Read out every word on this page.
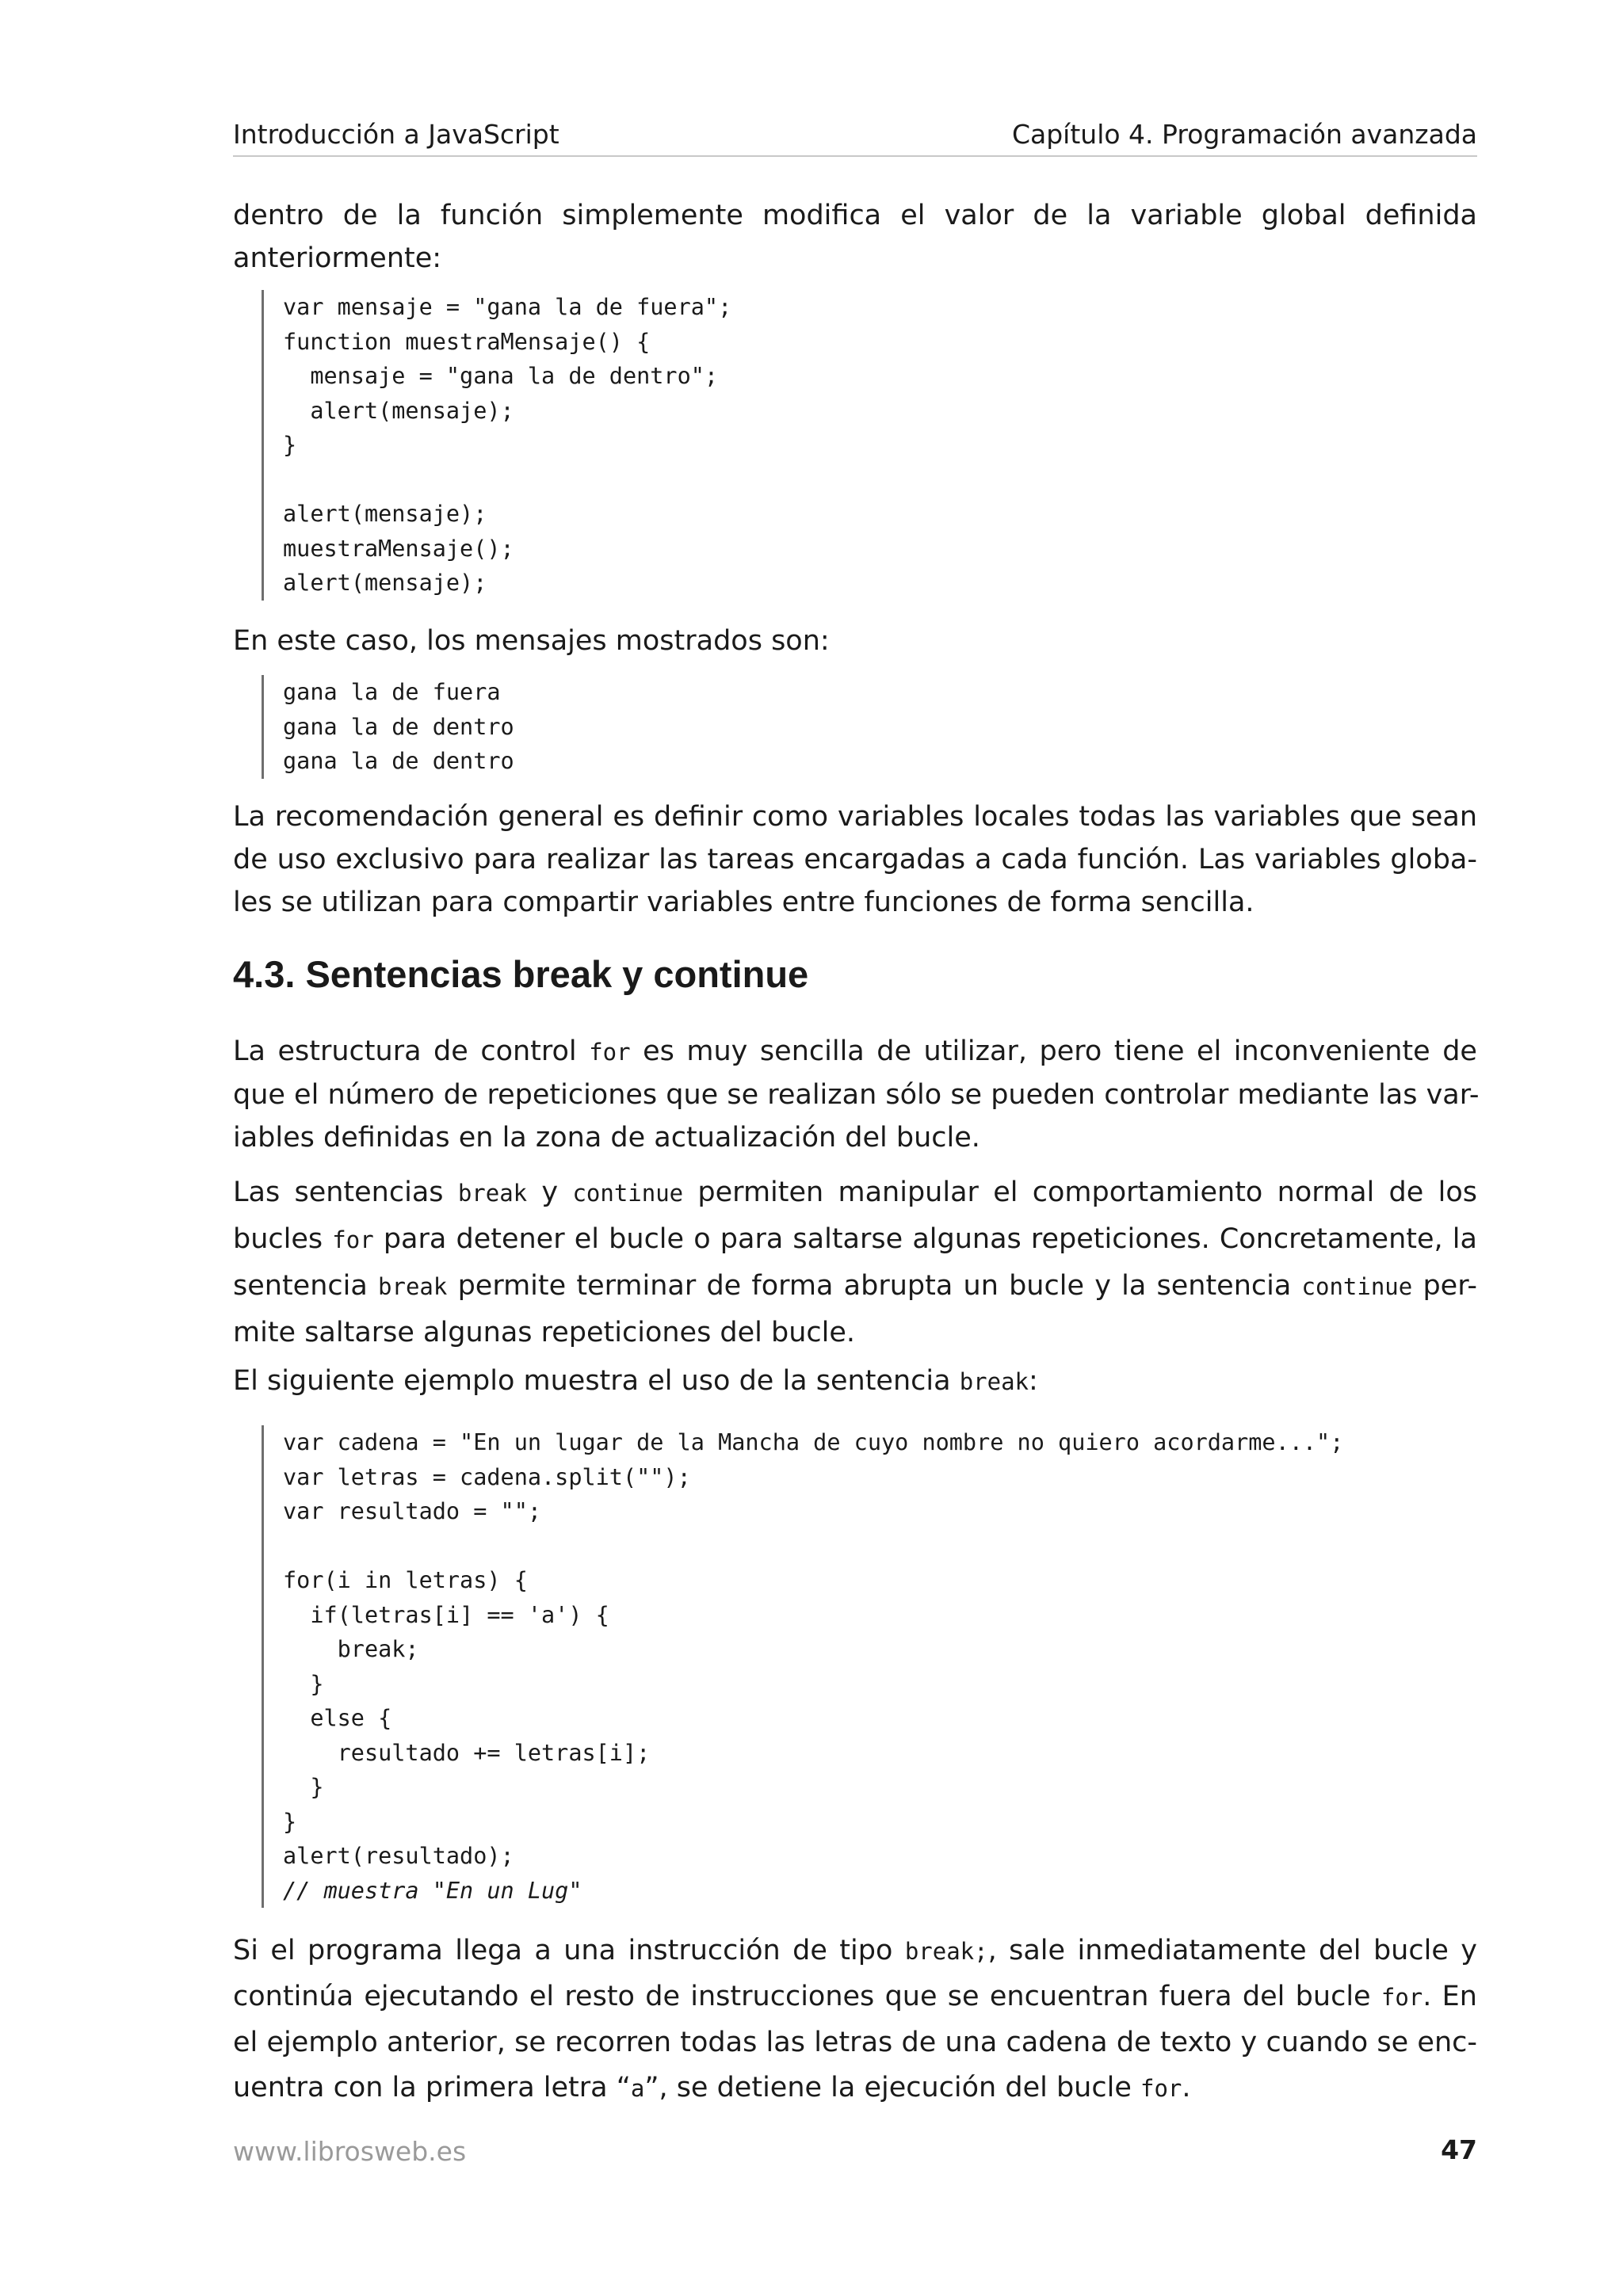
Introducción a JavaScript	Capítulo 4. Programación avanzada
dentro de la función simplemente modifica el valor de la variable global definida
anteriormente:
var mensaje = "gana la de fuera";
function muestraMensaje() {
mensaje = "gana la de dentro";
alert(mensaje);
}
alert(mensaje);
muestraMensaje();
alert(mensaje);
En este caso, los mensajes mostrados son:
gana la de fuera
gana la de dentro
gana la de dentro
La recomendación general es definir como variables locales todas las variables que sean
de uso exclusivo para realizar las tareas encargadas a cada función. Las variables globa-
les se utilizan para compartir variables entre funciones de forma sencilla.
4.3. Sentencias break y continue
La estructura de control for es muy sencilla de utilizar, pero tiene el inconveniente de
que el número de repeticiones que se realizan sólo se pueden controlar mediante las var-
iables definidas en la zona de actualización del bucle.
Las sentencias break y continue permiten manipular el comportamiento normal de los
bucles for para detener el bucle o para saltarse algunas repeticiones. Concretamente, la
sentencia break permite terminar de forma abrupta un bucle y la sentencia continue per-
mite saltarse algunas repeticiones del bucle.
El siguiente ejemplo muestra el uso de la sentencia break:
var cadena = "En un lugar de la Mancha de cuyo nombre no quiero acordarme...";
var letras = cadena.split("");
var resultado = "";
for(i in letras) {
if(letras[i] == 'a') {
break;
}
else {
resultado += letras[i];
}
}
alert(resultado);
// muestra "En un Lug"
Si el programa llega a una instrucción de tipo break;, sale inmediatamente del bucle y
continúa ejecutando el resto de instrucciones que se encuentran fuera del bucle for. En
el ejemplo anterior, se recorren todas las letras de una cadena de texto y cuando se enc-
uentra con la primera letra “a”, se detiene la ejecución del bucle for.
www.librosweb.es	47
